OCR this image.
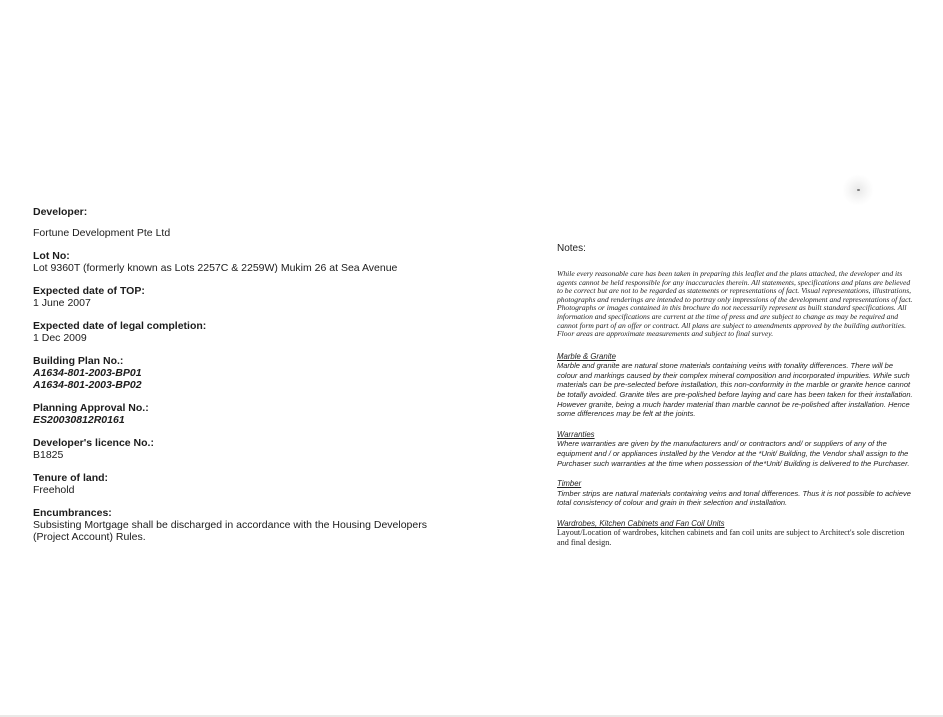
Developer:
Fortune Development Pte Ltd
Lot No:
Lot 9360T (formerly known as Lots 2257C & 2259W) Mukim 26 at Sea Avenue
Expected date of TOP:
1 June 2007
Expected date of legal completion:
1 Dec 2009
Building Plan No.:
A1634-801-2003-BP01
A1634-801-2003-BP02
Planning Approval No.:
ES20030812R0161
Developer's licence No.:
B1825
Tenure of land:
Freehold
Encumbrances:
Subsisting Mortgage shall be discharged in accordance with the Housing Developers (Project Account) Rules.
Notes:
While every reasonable care has been taken in preparing this leaflet and the plans attached, the developer and its agents cannot be held responsible for any inaccuracies therein. All statements, specifications and plans are believed to be correct but are not to be regarded as statements or representations of fact. Visual representations, illustrations, photographs and renderings are intended to portray only impressions of the development and representations of fact. Photographs or images contained in this brochure do not necessarily represent as built standard specifications. All information and specifications are current at the time of press and are subject to change as may be required and cannot form part of an offer or contract. All plans are subject to amendments approved by the building authorities. Floor areas are approximate measurements and subject to final survey.
Marble & Granite
Marble and granite are natural stone materials containing veins with tonality differences. There will be colour and markings caused by their complex mineral composition and incorporated impurities. While such materials can be pre-selected before installation, this non-conformity in the marble or granite hence cannot be totally avoided. Granite tiles are pre-polished before laying and care has been taken for their installation. However granite, being a much harder material than marble cannot be re-polished after installation. Hence some differences may be felt at the joints.
Warranties
Where warranties are given by the manufacturers and/ or contractors and/ or suppliers of any of the equipment and / or appliances installed by the Vendor at the *Unit/ Building, the Vendor shall assign to the Purchaser such warranties at the time when possession of the*Unit/ Building is delivered to the Purchaser.
Timber
Timber strips are natural materials containing veins and tonal differences. Thus it is not possible to achieve total consistency of colour and grain in their selection and installation.
Wardrobes, Kitchen Cabinets and Fan Coil Units
Layout/Location of wardrobes, kitchen cabinets and fan coil units are subject to Architect's sole discretion and final design.
